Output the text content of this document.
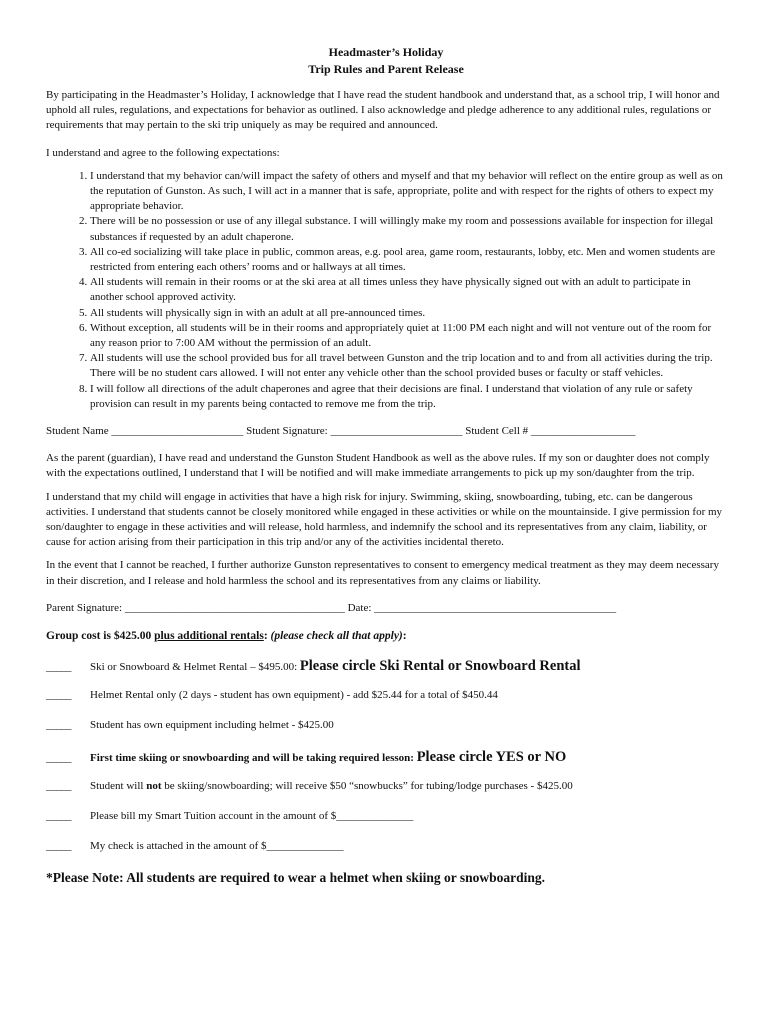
Headmaster’s Holiday
Trip Rules and Parent Release

By participating in the Headmaster’s Holiday, I acknowledge that I have read the student handbook and understand that, as a school trip, I will honor and uphold all rules, regulations, and expectations for behavior as outlined. I also acknowledge and pledge adherence to any additional rules, regulations or requirements that may pertain to the ski trip uniquely as may be required and announced.

I understand and agree to the following expectations:

1. I understand that my behavior can/will impact the safety of others and myself and that my behavior will reflect on the entire group as well as on the reputation of Gunston. As such, I will act in a manner that is safe, appropriate, polite and with respect for the rights of others to expect my appropriate behavior.
2. There will be no possession or use of any illegal substance. I will willingly make my room and possessions available for inspection for illegal substances if requested by an adult chaperone.
3. All co-ed socializing will take place in public, common areas, e.g. pool area, game room, restaurants, lobby, etc. Men and women students are restricted from entering each others’ rooms and or hallways at all times.
4. All students will remain in their rooms or at the ski area at all times unless they have physically signed out with an adult to participate in another school approved activity.
5. All students will physically sign in with an adult at all pre-announced times.
6. Without exception, all students will be in their rooms and appropriately quiet at 11:00 PM each night and will not venture out of the room for any reason prior to 7:00 AM without the permission of an adult.
7. All students will use the school provided bus for all travel between Gunston and the trip location and to and from all activities during the trip. There will be no student cars allowed. I will not enter any vehicle other than the school provided buses or faculty or staff vehicles.
8. I will follow all directions of the adult chaperones and agree that their decisions are final. I understand that violation of any rule or safety provision can result in my parents being contacted to remove me from the trip.

Student Name ________________________ Student Signature: ________________________ Student Cell # ___________________

As the parent (guardian), I have read and understand the Gunston Student Handbook as well as the above rules. If my son or daughter does not comply with the expectations outlined, I understand that I will be notified and will make immediate arrangements to pick up my son/daughter from the trip.

I understand that my child will engage in activities that have a high risk for injury. Swimming, skiing, snowboarding, tubing, etc. can be dangerous activities. I understand that students cannot be closely monitored while engaged in these activities or while on the mountainside. I give permission for my son/daughter to engage in these activities and will release, hold harmless, and indemnify the school and its representatives from any claim, liability, or cause for action arising from their participation in this trip and/or any of the activities incidental thereto.

In the event that I cannot be reached, I further authorize Gunston representatives to consent to emergency medical treatment as they may deem necessary in their discretion, and I release and hold harmless the school and its representatives from any claims or liability.

Parent Signature: ________________________________________ Date: ____________________________________________

Group cost is $425.00 plus additional rentals: (please check all that apply):
_____	Ski or Snowboard & Helmet Rental – $495.00: Please circle Ski Rental or Snowboard Rental
_____	Helmet Rental only (2 days - student has own equipment) - add $25.44 for a total of $450.44
_____	Student has own equipment including helmet - $425.00
_____	First time skiing or snowboarding and will be taking required lesson: Please circle YES or NO
_____	Student will not be skiing/snowboarding; will receive $50 “snowbucks” for tubing/lodge purchases - $425.00
_____	Please bill my Smart Tuition account in the amount of $______________
_____	My check is attached in the amount of $______________
*Please Note: All students are required to wear a helmet when skiing or snowboarding.
